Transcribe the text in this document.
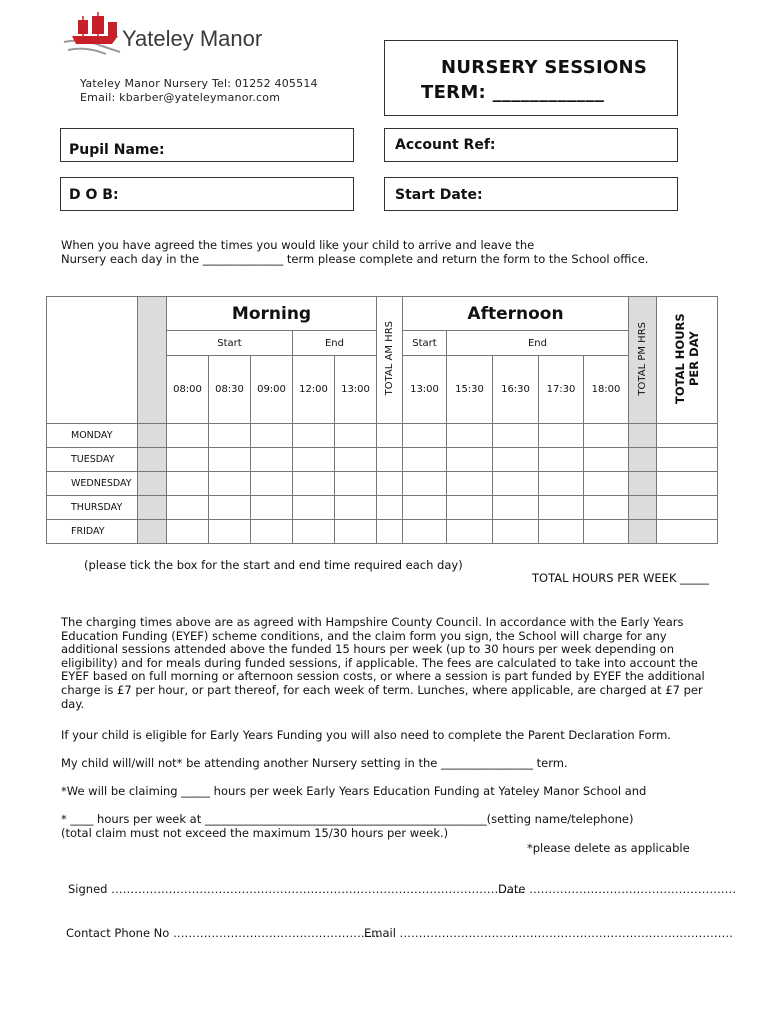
Yateley Manor
Yateley Manor Nursery Tel: 01252 405514
Email: kbarber@yateleymanor.com
NURSERY SESSIONS
TERM: ____________
Pupil Name:	Account Ref:
D O B:	Start Date:
When you have agreed the times you would like your child to arrive and leave the
Nursery each day in the ______________ term please complete and return the form to the School office.
		Morning					TOTAL AM HRS	Afternoon					TOTAL PM HRS	TOTAL HOURS PER DAY
		Start			End			Start	End					
		08:00	08:30	09:00	12:00	13:00		13:00	15:30	16:30	17:30	18:00		
MONDAY														
TUESDAY														
WEDNESDAY														
THURSDAY														
FRIDAY														
(please tick the box for the start and end time required each day)
TOTAL HOURS PER WEEK _____
The charging times above are as agreed with Hampshire County Council. In accordance with the Early Years
Education Funding (EYEF) scheme conditions, and the claim form you sign, the School will charge for any
additional sessions attended above the funded 15 hours per week (up to 30 hours per week depending on
eligibility) and for meals during funded sessions, if applicable. The fees are calculated to take into account the
EYEF based on full morning or afternoon session costs, or where a session is part funded by EYEF the additional
charge is £7 per hour, or part thereof, for each week of term. Lunches, where applicable, are charged at £7 per
day.
If your child is eligible for Early Years Funding you will also need to complete the Parent Declaration Form.
My child will/will not* be attending another Nursery setting in the ________________ term.
*We will be claiming _____ hours per week Early Years Education Funding at Yateley Manor School and
* ____ hours per week at _________________________________________________(setting name/telephone)
(total claim must not exceed the maximum 15/30 hours per week.)
*please delete as applicable
Signed ………………………………………………………………………………………………
Date ………………………………………………
Contact Phone No ………………………………………………
Email ……………………………………………………………………………
